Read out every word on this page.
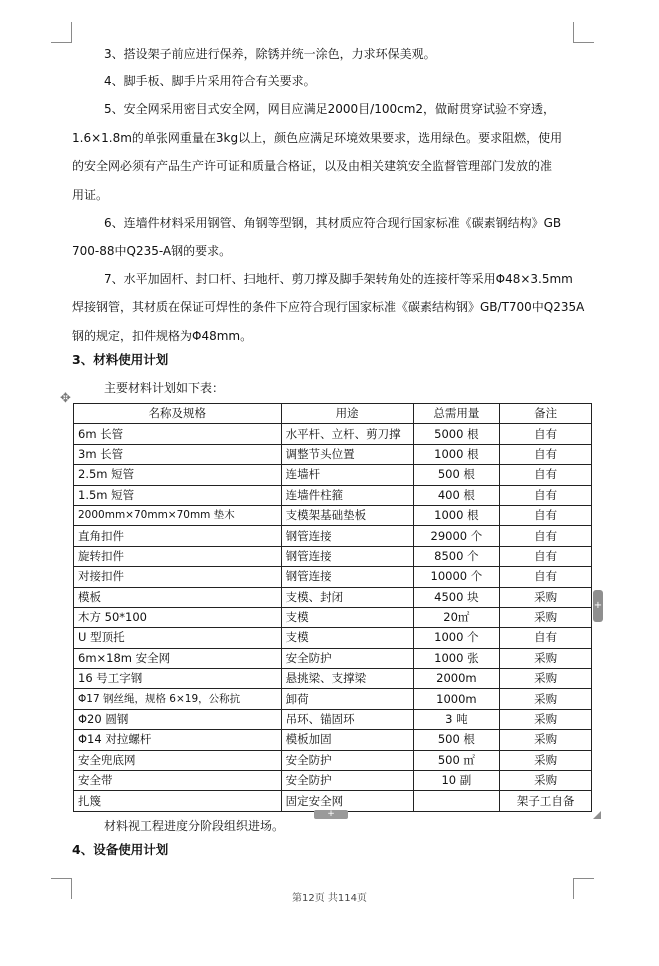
3、搭设架子前应进行保养，除锈并统一涂色，力求环保美观。
4、脚手板、脚手片采用符合有关要求。
5、安全网采用密目式安全网，网目应满足2000目/100cm2，做耐贯穿试验不穿透，
1.6×1.8m的单张网重量在3kg以上，颜色应满足环境效果要求，选用绿色。要求阻燃，使用
的安全网必须有产品生产许可证和质量合格证，以及由相关建筑安全监督管理部门发放的准
用证。
6、连墙件材料采用钢管、角钢等型钢，其材质应符合现行国家标准《碳素钢结构》GB
700-88中Q235-A钢的要求。
7、水平加固杆、封口杆、扫地杆、剪刀撑及脚手架转角处的连接杆等采用Φ48×3.5mm
焊接钢管，其材质在保证可焊性的条件下应符合现行国家标准《碳素结构钢》GB/T700中Q235A
钢的规定，扣件规格为Φ48mm。
3、材料使用计划
✥
主要材料计划如下表：
名称及规格	用途	总需用量	备注
6m 长管	水平杆、立杆、剪刀撑	5000 根	自有
3m 长管	调整节头位置	1000 根	自有
2.5m 短管	连墙杆	500 根	自有
1.5m 短管	连墙件柱箍	400 根	自有
2000mm×70mm×70mm 垫木	支模架基础垫板	1000 根	自有
直角扣件	钢管连接	29000 个	自有
旋转扣件	钢管连接	8500 个	自有
对接扣件	钢管连接	10000 个	自有
模板	支模、封闭	4500 块	采购
木方 50*100	支模	20㎡	采购
U 型顶托	支模	1000 个	自有
6m×18m 安全网	安全防护	1000 张	采购
16 号工字钢	悬挑梁、支撑梁	2000m	采购
Φ17 钢丝绳，规格 6×19，公称抗	卸荷	1000m	采购
Φ20 圆钢	吊环、锚固环	3 吨	采购
Φ14 对拉螺杆	模板加固	500 根	采购
安全兜底网	安全防护	500 ㎡	采购
安全带	安全防护	10 副	采购
扎篾	固定安全网		架子工自备
+
+
材料视工程进度分阶段组织进场。
4、设备使用计划
第12页 共114页
